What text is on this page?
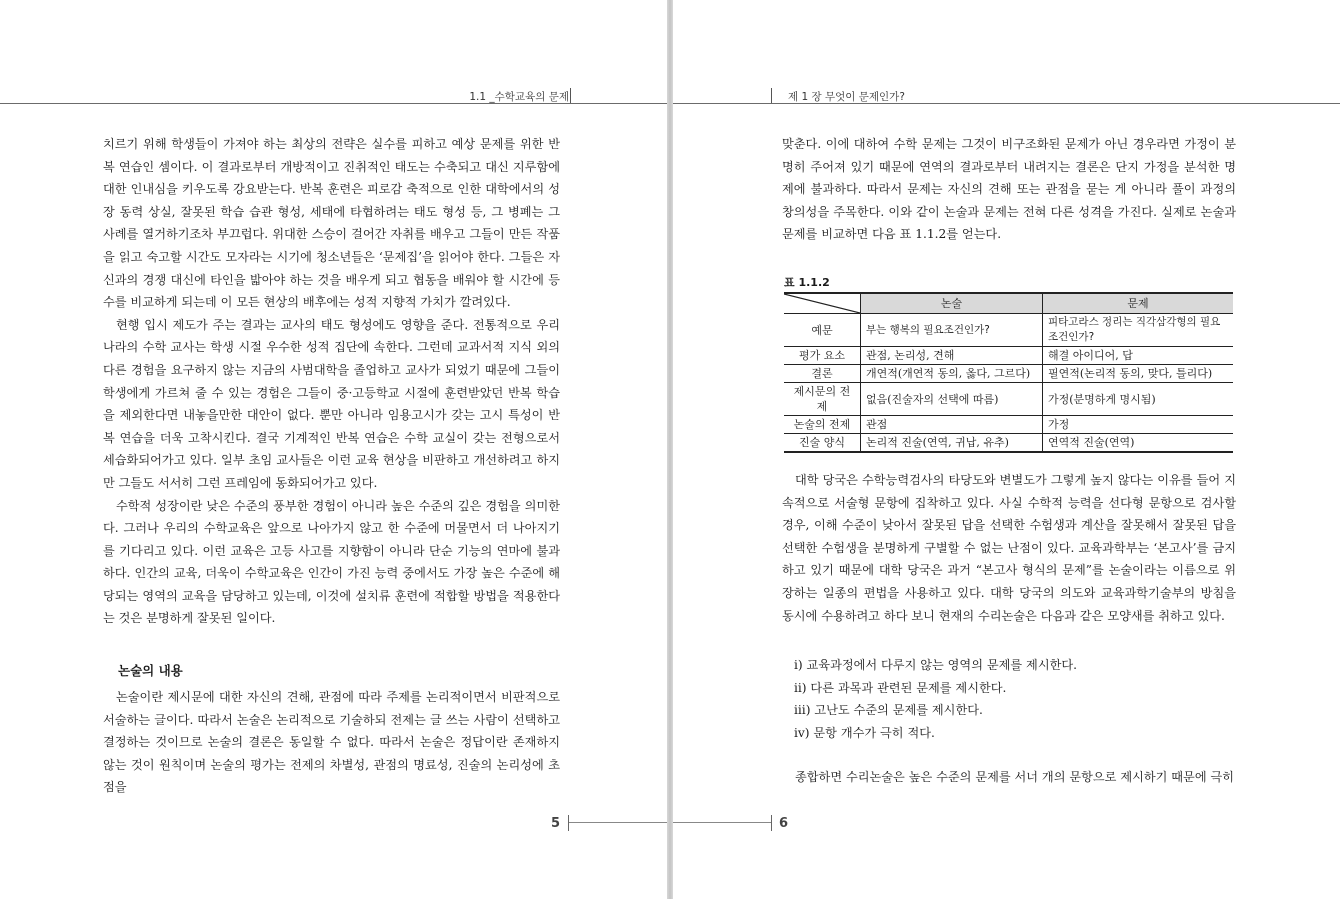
1.1 _수학교육의 문제

치르기 위해 학생들이 가져야 하는 최상의 전략은 실수를 피하고 예상 문제를 위한 반복 연습인 셈이다. 이 결과로부터 개방적이고 진취적인 태도는 수축되고 대신 지루함에 대한 인내심을 키우도록 강요받는다. 반복 훈련은 피로감 축적으로 인한 대학에서의 성장 동력 상실, 잘못된 학습 습관 형성, 세태에 타협하려는 태도 형성 등, 그 병폐는 그 사례를 열거하기조차 부끄럽다. 위대한 스승이 걸어간 자취를 배우고 그들이 만든 작품을 읽고 숙고할 시간도 모자라는 시기에 청소년들은 ‘문제집’을 읽어야 한다. 그들은 자신과의 경쟁 대신에 타인을 밟아야 하는 것을 배우게 되고 협동을 배워야 할 시간에 등수를 비교하게 되는데 이 모든 현상의 배후에는 성적 지향적 가치가 깔려있다.

현행 입시 제도가 주는 결과는 교사의 태도 형성에도 영향을 준다. 전통적으로 우리나라의 수학 교사는 학생 시절 우수한 성적 집단에 속한다. 그런데 교과서적 지식 외의 다른 경험을 요구하지 않는 지금의 사범대학을 졸업하고 교사가 되었기 때문에 그들이 학생에게 가르쳐 줄 수 있는 경험은 그들이 중·고등학교 시절에 훈련받았던 반복 학습을 제외한다면 내놓을만한 대안이 없다. 뿐만 아니라 임용고시가 갖는 고시 특성이 반복 연습을 더욱 고착시킨다. 결국 기계적인 반복 연습은 수학 교실이 갖는 전형으로서 세습화되어가고 있다. 일부 초임 교사들은 이런 교육 현상을 비판하고 개선하려고 하지만 그들도 서서히 그런 프레임에 동화되어가고 있다.

수학적 성장이란 낮은 수준의 풍부한 경험이 아니라 높은 수준의 깊은 경험을 의미한다. 그러나 우리의 수학교육은 앞으로 나아가지 않고 한 수준에 머물면서 더 나아지기를 기다리고 있다. 이런 교육은 고등 사고를 지향함이 아니라 단순 기능의 연마에 불과하다. 인간의 교육, 더욱이 수학교육은 인간이 가진 능력 중에서도 가장 높은 수준에 해당되는 영역의 교육을 담당하고 있는데, 이것에 설치류 훈련에 적합할 방법을 적용한다는 것은 분명하게 잘못된 일이다.

논술의 내용

논술이란 제시문에 대한 자신의 견해, 관점에 따라 주제를 논리적이면서 비판적으로 서술하는 글이다. 따라서 논술은 논리적으로 기술하되 전제는 글 쓰는 사람이 선택하고 결정하는 것이므로 논술의 결론은 동일할 수 없다. 따라서 논술은 정답이란 존재하지 않는 것이 원칙이며 논술의 평가는 전제의 차별성, 관점의 명료성, 진술의 논리성에 초점을

5
제 1 장 무엇이 문제인가?

맞춘다. 이에 대하여 수학 문제는 그것이 비구조화된 문제가 아닌 경우라면 가정이 분명히 주어져 있기 때문에 연역의 결과로부터 내려지는 결론은 단지 가정을 분석한 명제에 불과하다. 따라서 문제는 자신의 견해 또는 관점을 묻는 게 아니라 풀이 과정의 창의성을 주목한다. 이와 같이 논술과 문제는 전혀 다른 성격을 가진다. 실제로 논술과 문제를 비교하면 다음 표 1.1.2를 얻는다.

대학 당국은 수학능력검사의 타당도와 변별도가 그렇게 높지 않다는 이유를 들어 지속적으로 서술형 문항에 집착하고 있다. 사실 수학적 능력을 선다형 문항으로 검사할 경우, 이해 수준이 낮아서 잘못된 답을 선택한 수험생과 계산을 잘못해서 잘못된 답을 선택한 수험생을 분명하게 구별할 수 없는 난점이 있다. 교육과학부는 ‘본고사’를 금지하고 있기 때문에 대학 당국은 과거 “본고사 형식의 문제”를 논술이라는 이름으로 위장하는 일종의 편법을 사용하고 있다. 대학 당국의 의도와 교육과학기술부의 방침을 동시에 수용하려고 하다 보니 현재의 수리논술은 다음과 같은 모양새를 취하고 있다.

종합하면 수리논술은 높은 수준의 문제를 서너 개의 문항으로 제시하기 때문에 극히

6
표 1.1.2
	논술	문제
예문	부는 행복의 필요조건인가?	피타고라스 정리는 직각삼각형의 필요조건인가?
평가 요소	관점, 논리성, 견해	해결 아이디어, 답
결론	개연적(개연적 동의, 옳다, 그르다)	필연적(논리적 동의, 맞다, 틀리다)
제시문의 전제	없음(진술자의 선택에 따름)	가정(분명하게 명시됨)
논술의 전제	관점	가정
진술 양식	논리적 진술(연역, 귀납, 유추)	연역적 진술(연역)
ⅰ) 교육과정에서 다루지 않는 영역의 문제를 제시한다.
ⅱ) 다른 과목과 관련된 문제를 제시한다.
ⅲ) 고난도 수준의 문제를 제시한다.
ⅳ) 문항 개수가 극히 적다.
